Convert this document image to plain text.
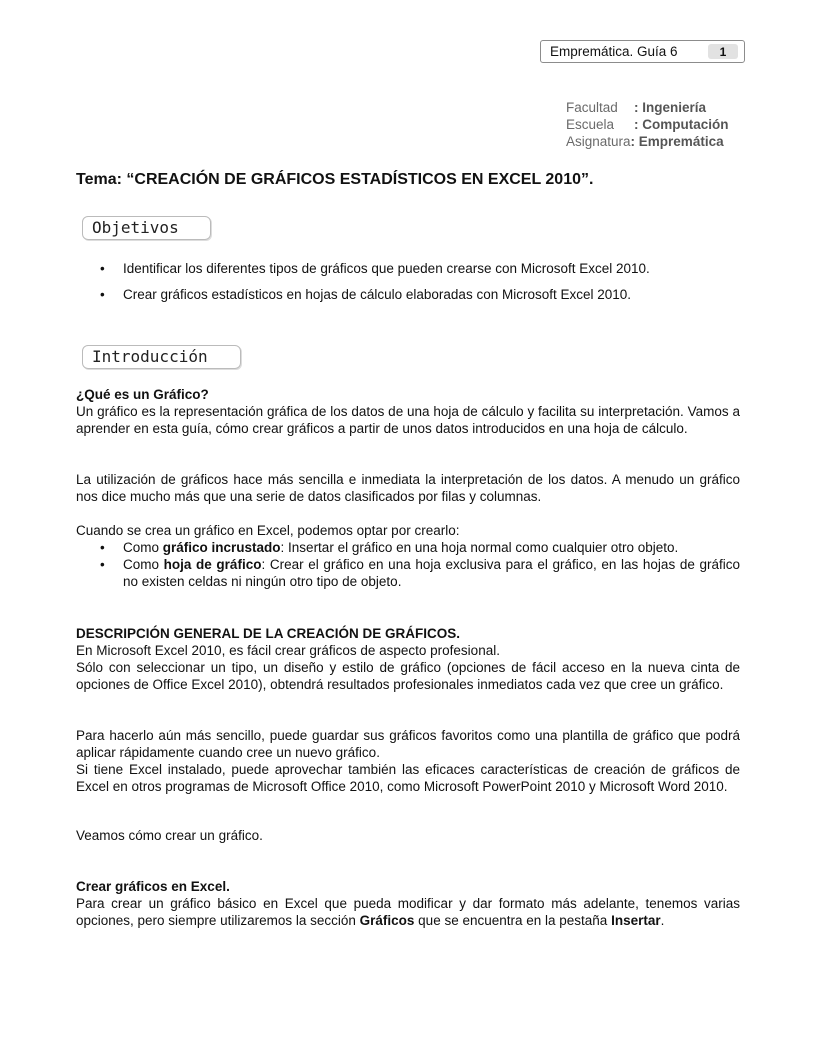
Empremática. Guía 6	1
Facultad : Ingeniería
Escuela : Computación
Asignatura: Empremática
Tema: “CREACIÓN DE GRÁFICOS ESTADÍSTICOS EN EXCEL 2010”.
Objetivos
• Identificar los diferentes tipos de gráficos que pueden crearse con Microsoft Excel 2010.
• Crear gráficos estadísticos en hojas de cálculo elaboradas con Microsoft Excel 2010.
Introducción
¿Qué es un Gráfico?
Un gráfico es la representación gráfica de los datos de una hoja de cálculo y facilita su interpretación. Vamos a aprender en esta guía, cómo crear gráficos a partir de unos datos introducidos en una hoja de cálculo.
La utilización de gráficos hace más sencilla e inmediata la interpretación de los datos. A menudo un gráfico nos dice mucho más que una serie de datos clasificados por filas y columnas.
Cuando se crea un gráfico en Excel, podemos optar por crearlo:
• Como gráfico incrustado: Insertar el gráfico en una hoja normal como cualquier otro objeto.
• Como hoja de gráfico: Crear el gráfico en una hoja exclusiva para el gráfico, en las hojas de gráfico no existen celdas ni ningún otro tipo de objeto.
DESCRIPCIÓN GENERAL DE LA CREACIÓN DE GRÁFICOS.
En Microsoft Excel 2010, es fácil crear gráficos de aspecto profesional.
Sólo con seleccionar un tipo, un diseño y estilo de gráfico (opciones de fácil acceso en la nueva cinta de opciones de Office Excel 2010), obtendrá resultados profesionales inmediatos cada vez que cree un gráfico.
Para hacerlo aún más sencillo, puede guardar sus gráficos favoritos como una plantilla de gráfico que podrá aplicar rápidamente cuando cree un nuevo gráfico.
Si tiene Excel instalado, puede aprovechar también las eficaces características de creación de gráficos de Excel en otros programas de Microsoft Office 2010, como Microsoft PowerPoint 2010 y Microsoft Word 2010.
Veamos cómo crear un gráfico.
Crear gráficos en Excel.
Para crear un gráfico básico en Excel que pueda modificar y dar formato más adelante, tenemos varias opciones, pero siempre utilizaremos la sección Gráficos que se encuentra en la pestaña Insertar.
